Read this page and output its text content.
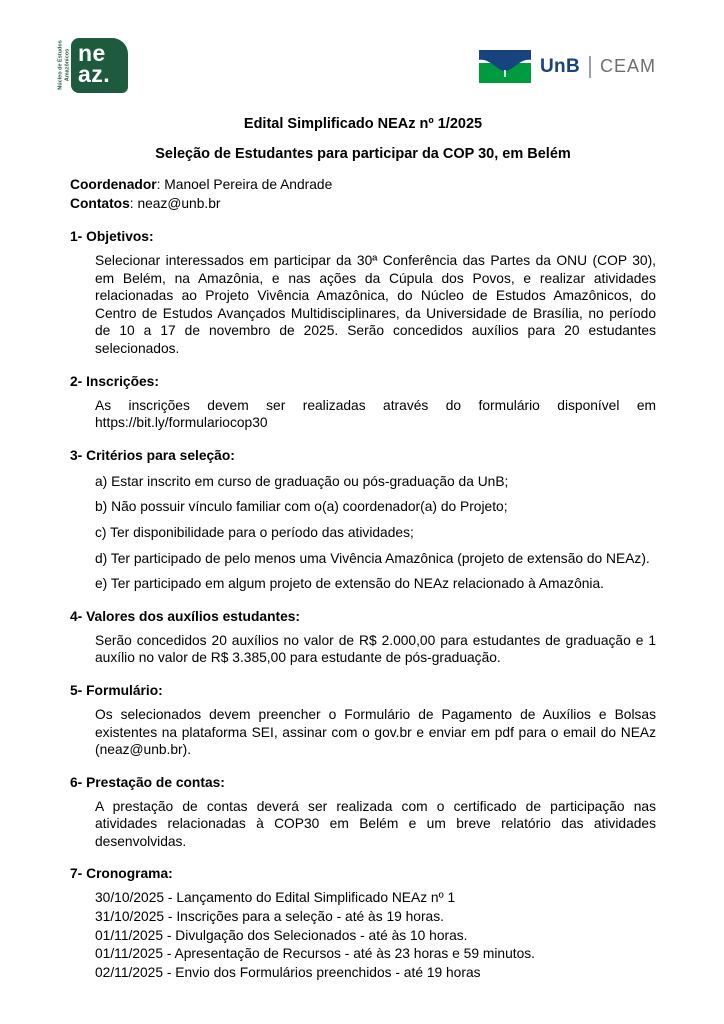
Núcleo de Estudos Amazônicos ne
az.	UnB CEAM
Edital Simplificado NEAz nº 1/2025
Seleção de Estudantes para participar da COP 30, em Belém
Coordenador: Manoel Pereira de Andrade
Contatos: neaz@unb.br
1- Objetivos:

Selecionar interessados em participar da 30ª Conferência das Partes da ONU (COP 30), em Belém, na Amazônia, e nas ações da Cúpula dos Povos, e realizar atividades relacionadas ao Projeto Vivência Amazônica, do Núcleo de Estudos Amazônicos, do Centro de Estudos Avançados Multidisciplinares, da Universidade de Brasília, no período de 10 a 17 de novembro de 2025. Serão concedidos auxílios para 20 estudantes selecionados.

2- Inscrições:

As inscrições devem ser realizadas através do formulário disponível em

https://bit.ly/formulariocop30

3- Critérios para seleção:

a) Estar inscrito em curso de graduação ou pós-graduação da UnB;

b) Não possuir vínculo familiar com o(a) coordenador(a) do Projeto;

c) Ter disponibilidade para o período das atividades;

d) Ter participado de pelo menos uma Vivência Amazônica (projeto de extensão do NEAz).

e) Ter participado em algum projeto de extensão do NEAz relacionado à Amazônia.

4- Valores dos auxílios estudantes:

Serão concedidos 20 auxílios no valor de R$ 2.000,00 para estudantes de graduação e 1 auxílio no valor de R$ 3.385,00 para estudante de pós-graduação.

5- Formulário:

Os selecionados devem preencher o Formulário de Pagamento de Auxílios e Bolsas existentes na plataforma SEI, assinar com o gov.br e enviar em pdf para o email do NEAz (neaz@unb.br).

6- Prestação de contas:

A prestação de contas deverá ser realizada com o certificado de participação nas atividades relacionadas à COP30 em Belém e um breve relatório das atividades desenvolvidas.

7- Cronograma:
30/10/2025 - Lançamento do Edital Simplificado NEAz nº 1
31/10/2025 - Inscrições para a seleção - até às 19 horas.
01/11/2025 - Divulgação dos Selecionados - até às 10 horas.
01/11/2025 - Apresentação de Recursos - até às 23 horas e 59 minutos.
02/11/2025 - Envio dos Formulários preenchidos - até 19 horas
